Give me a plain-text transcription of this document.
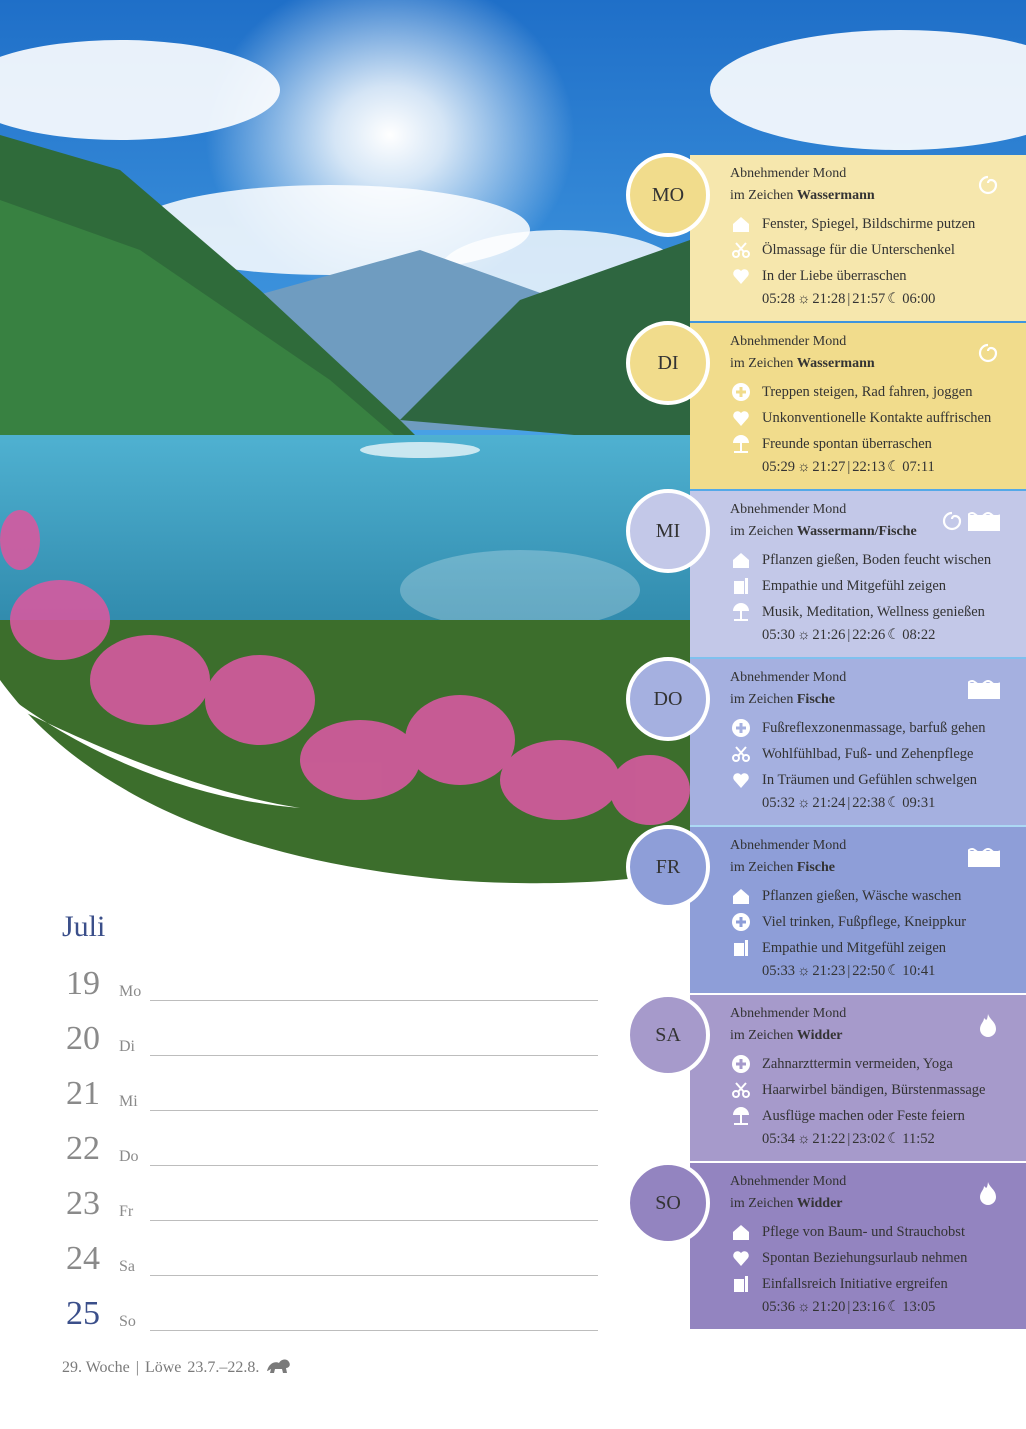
Abnehmender Mond
im Zeichen Wassermann
Fenster, Spiegel, Bildschirme putzen
Ölmassage für die Unterschenkel
In der Liebe überraschen
05:28 ☼ 21:28 | 21:57 ☾ 06:00
MO
Abnehmender Mond
im Zeichen Wassermann
Treppen steigen, Rad fahren, joggen
Unkonventionelle Kontakte auffrischen
Freunde spontan überraschen
05:29 ☼ 21:27 | 22:13 ☾ 07:11
DI
Abnehmender Mond
im Zeichen Wassermann/Fische
Pflanzen gießen, Boden feucht wischen
Empathie und Mitgefühl zeigen
Musik, Meditation, Wellness genießen
05:30 ☼ 21:26 | 22:26 ☾ 08:22
MI
Abnehmender Mond
im Zeichen Fische
Fußreflexzonenmassage, barfuß gehen
Wohlfühlbad, Fuß- und Zehenpflege
In Träumen und Gefühlen schwelgen
05:32 ☼ 21:24 | 22:38 ☾ 09:31
DO
Abnehmender Mond
im Zeichen Fische
Pflanzen gießen, Wäsche waschen
Viel trinken, Fußpflege, Kneippkur
Empathie und Mitgefühl zeigen
05:33 ☼ 21:23 | 22:50 ☾ 10:41
FR
Abnehmender Mond
im Zeichen Widder
Zahnarzttermin vermeiden, Yoga
Haarwirbel bändigen, Bürstenmassage
Ausflüge machen oder Feste feiern
05:34 ☼ 21:22 | 23:02 ☾ 11:52
SA
Abnehmender Mond
im Zeichen Widder
Pflege von Baum- und Strauchobst
Spontan Beziehungsurlaub nehmen
Einfallsreich Initiative ergreifen
05:36 ☼ 21:20 | 23:16 ☾ 13:05
SO
Juli
19	Mo
20	Di
21	Mi
22	Do
23	Fr
24	Sa
25	So
29. Woche | Löwe 23.7.–22.8.
